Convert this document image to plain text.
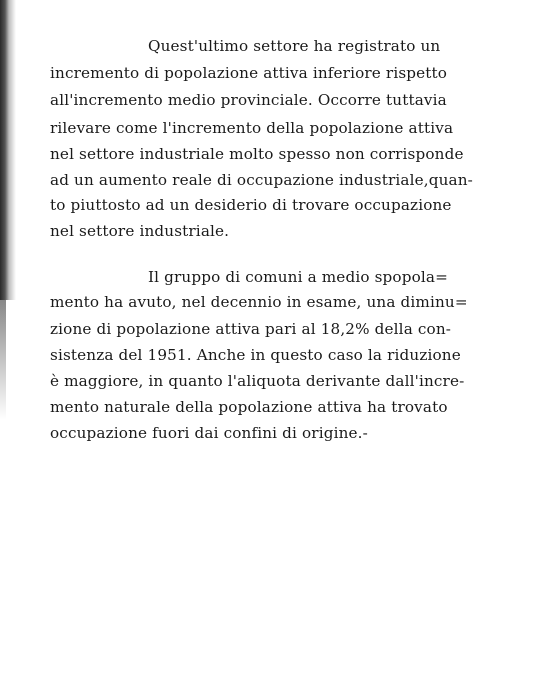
Quest'ultimo settore ha registrato un
incremento di popolazione attiva inferiore rispetto
all'incremento medio provinciale. Occorre tuttavia
rilevare come l'incremento della popolazione attiva
nel settore industriale molto spesso non corrisponde
ad un aumento reale di occupazione industriale,quan-
to piuttosto ad un desiderio di trovare occupazione
nel settore industriale.
Il gruppo di comuni a medio spopola=
mento ha avuto, nel decennio in esame, una diminu=
zione di popolazione attiva pari al 18,2% della con-
sistenza del 1951. Anche in questo caso la riduzione
è maggiore, in quanto l'aliquota derivante dall'incre-
mento naturale della popolazione attiva ha trovato
occupazione fuori dai confini di origine.-
